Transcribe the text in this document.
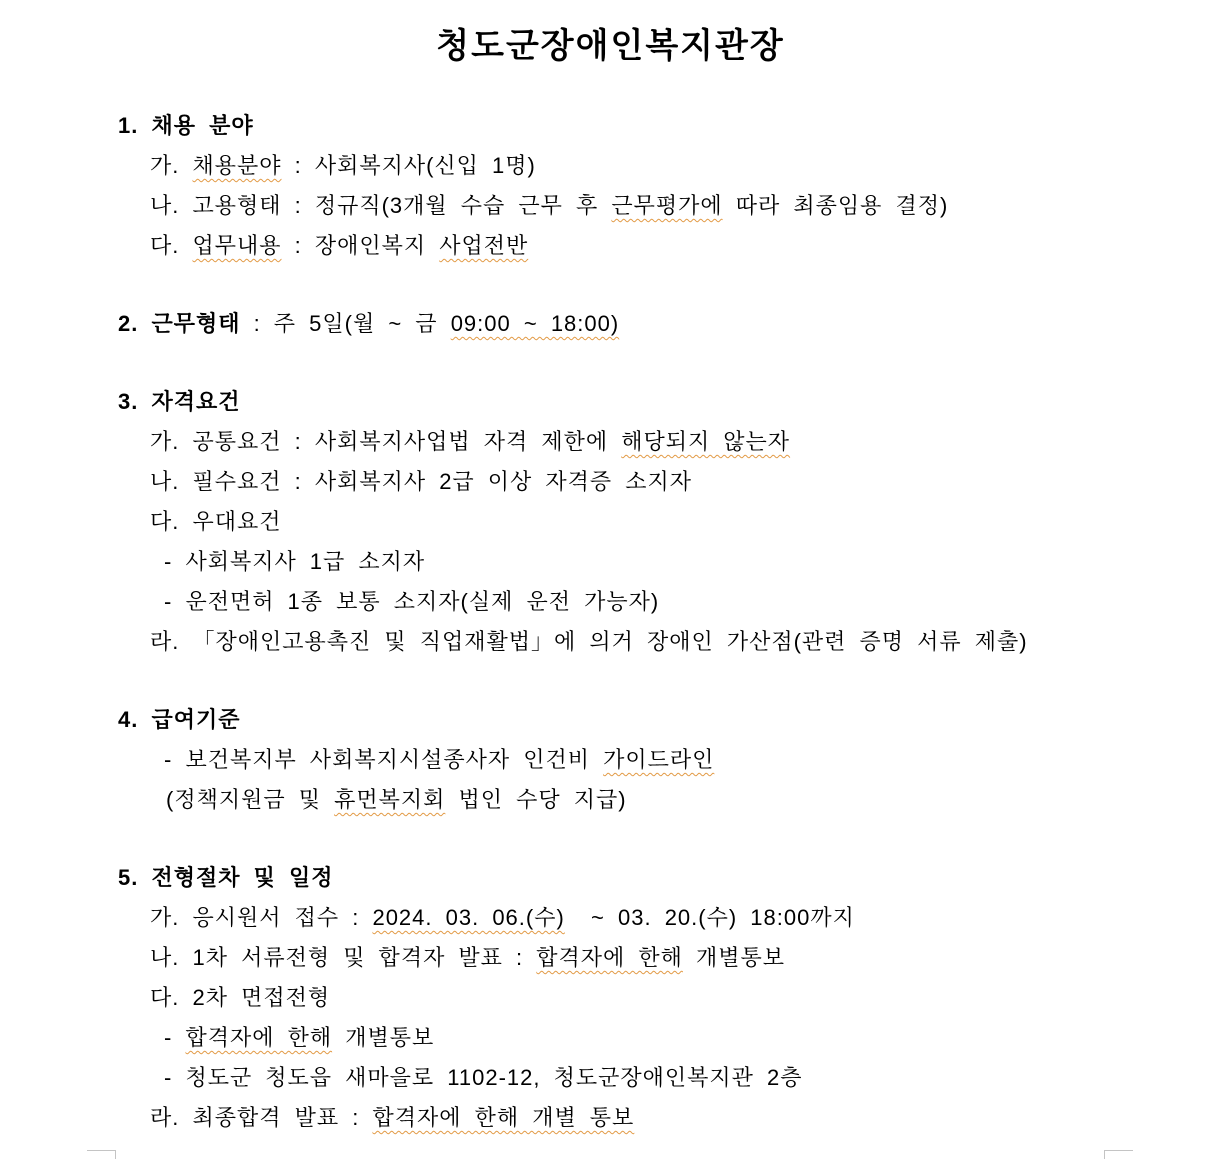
청도군장애인복지관장

1. 채용 분야

가. 채용분야 : 사회복지사(신입 1명)

나. 고용형태 : 정규직(3개월 수습 근무 후 근무평가에 따라 최종임용 결정)

다. 업무내용 : 장애인복지 사업전반

2. 근무형태 : 주 5일(월 ~ 금 09:00 ~ 18:00)

3. 자격요건

가. 공통요건 : 사회복지사업법 자격 제한에 해당되지 않는자

나. 필수요건 : 사회복지사 2급 이상 자격증 소지자

다. 우대요건

- 사회복지사 1급 소지자

- 운전면허 1종 보통 소지자(실제 운전 가능자)

라. 「장애인고용촉진 및 직업재활법」에 의거 장애인 가산점(관련 증명 서류 제출)

4. 급여기준

- 보건복지부 사회복지시설종사자 인건비 가이드라인

(정책지원금 및 휴먼복지회 법인 수당 지급)

5. 전형절차 및 일정

가. 응시원서 접수 : 2024. 03. 06.(수)  ~ 03. 20.(수) 18:00까지

나. 1차 서류전형 및 합격자 발표 : 합격자에 한해 개별통보

다. 2차 면접전형

- 합격자에 한해 개별통보

- 청도군 청도읍 새마을로 1102-12, 청도군장애인복지관 2층

라. 최종합격 발표 : 합격자에 한해 개별 통보
